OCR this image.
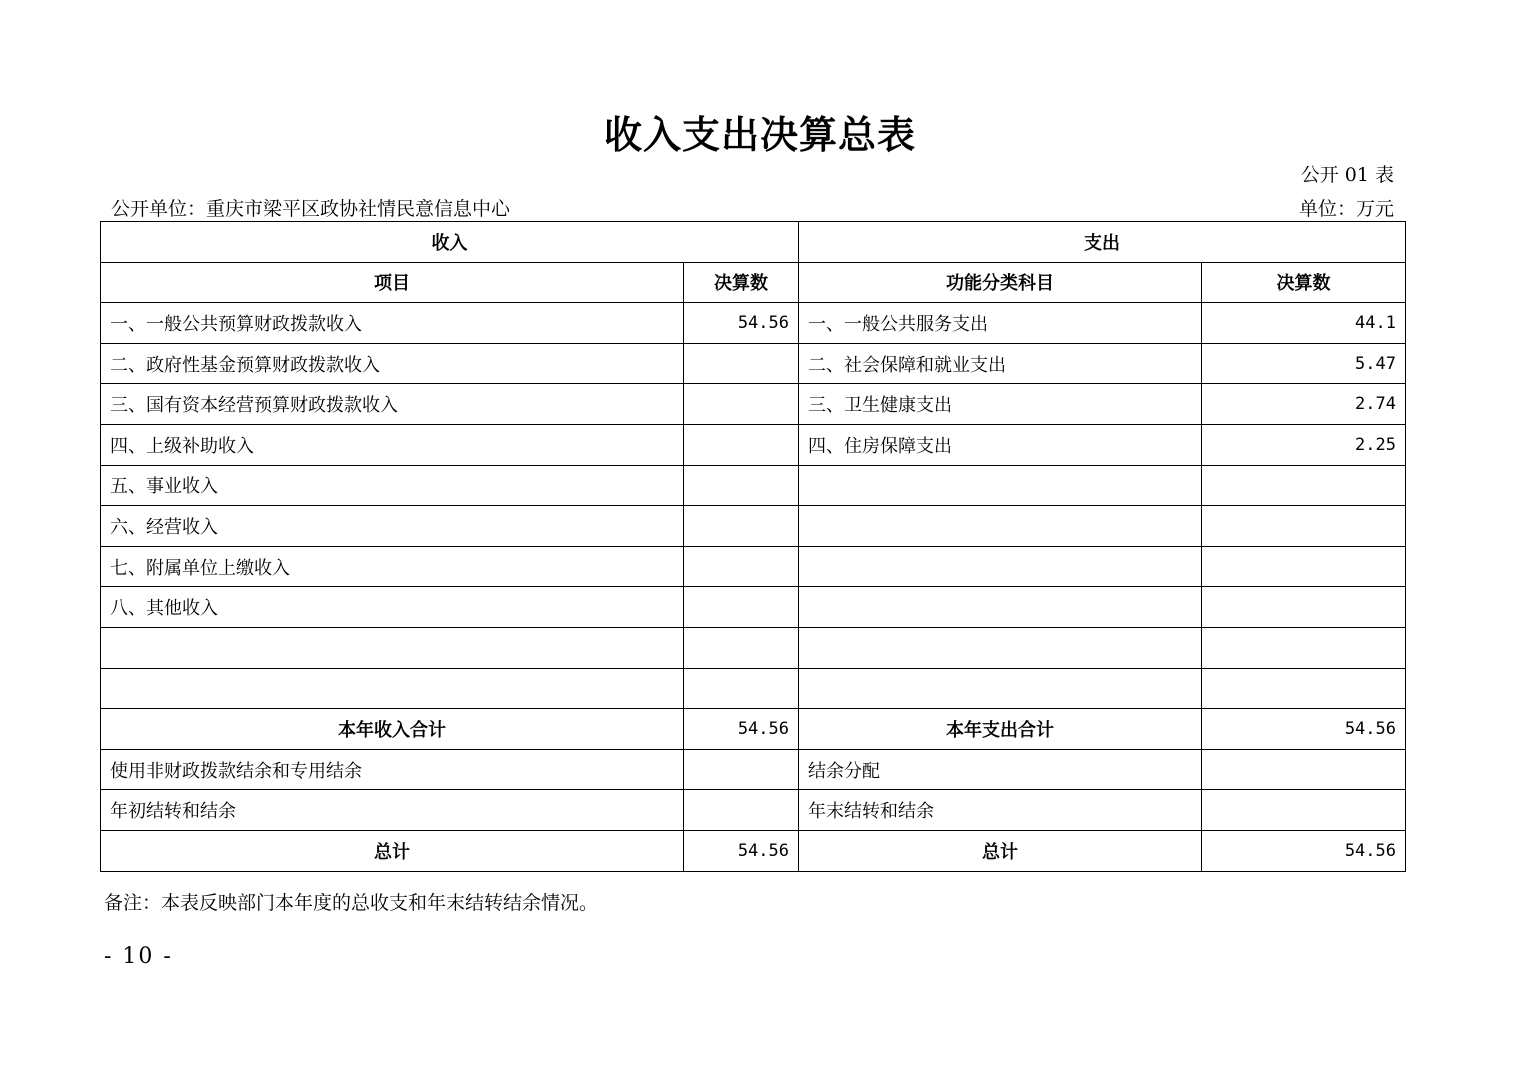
收入支出决算总表
公开 01 表
公开单位：重庆市梁平区政协社情民意信息中心	单位：万元
收入		支出	
项目	决算数	功能分类科目	决算数
一、一般公共预算财政拨款收入	54.56	一、一般公共服务支出	44.1
二、政府性基金预算财政拨款收入		二、社会保障和就业支出	5.47
三、国有资本经营预算财政拨款收入		三、卫生健康支出	2.74
四、上级补助收入		四、住房保障支出	2.25
五、事业收入			
六、经营收入			
七、附属单位上缴收入			
八、其他收入			

本年收入合计	54.56	本年支出合计	54.56
使用非财政拨款结余和专用结余		结余分配	
年初结转和结余		年末结转和结余	
总计	54.56	总计	54.56
备注：本表反映部门本年度的总收支和年末结转结余情况。
- 10 -
